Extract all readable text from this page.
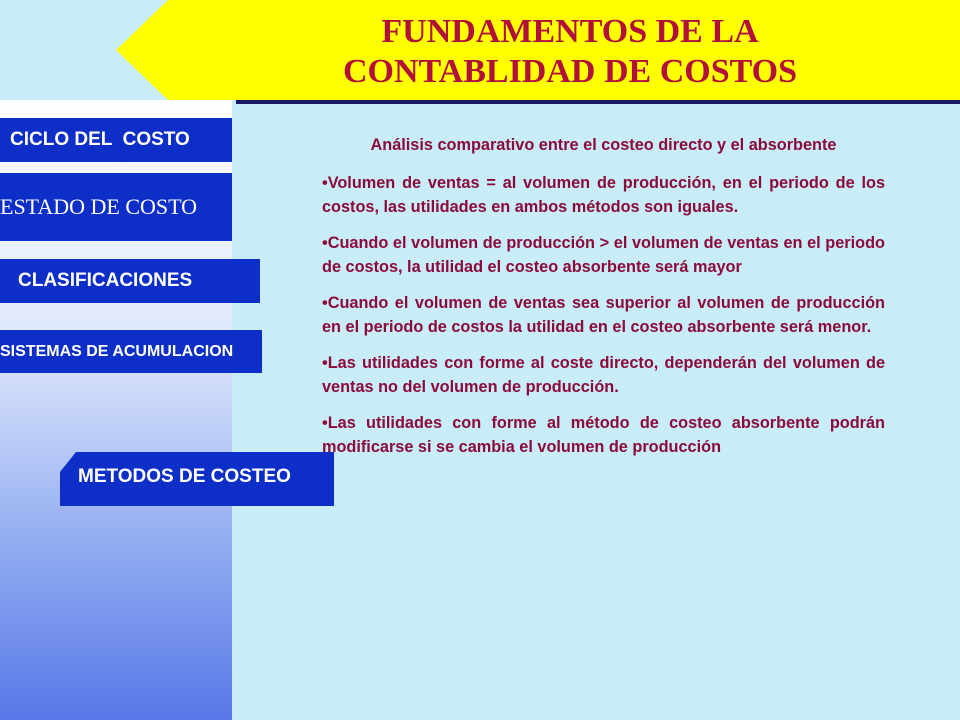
FUNDAMENTOS DE LA
CONTABLIDAD DE COSTOS
CICLO DEL  COSTO
ESTADO DE COSTO
CLASIFICACIONES
SISTEMAS DE ACUMULACION
METODOS DE COSTEO
Análisis comparativo entre el costeo directo y el absorbente

•Volumen de ventas = al volumen de producción, en el periodo de los costos, las utilidades en ambos métodos son iguales.

•Cuando el volumen de producción > el volumen de ventas en el periodo de costos, la utilidad el costeo absorbente será mayor

•Cuando el volumen de ventas sea superior al volumen de producción en el periodo de costos la utilidad en el costeo absorbente será menor.

•Las utilidades con forme al coste directo, dependerán del volumen de ventas no del volumen de producción.

•Las utilidades con forme al método de costeo absorbente podrán modificarse si se cambia el volumen de producción
